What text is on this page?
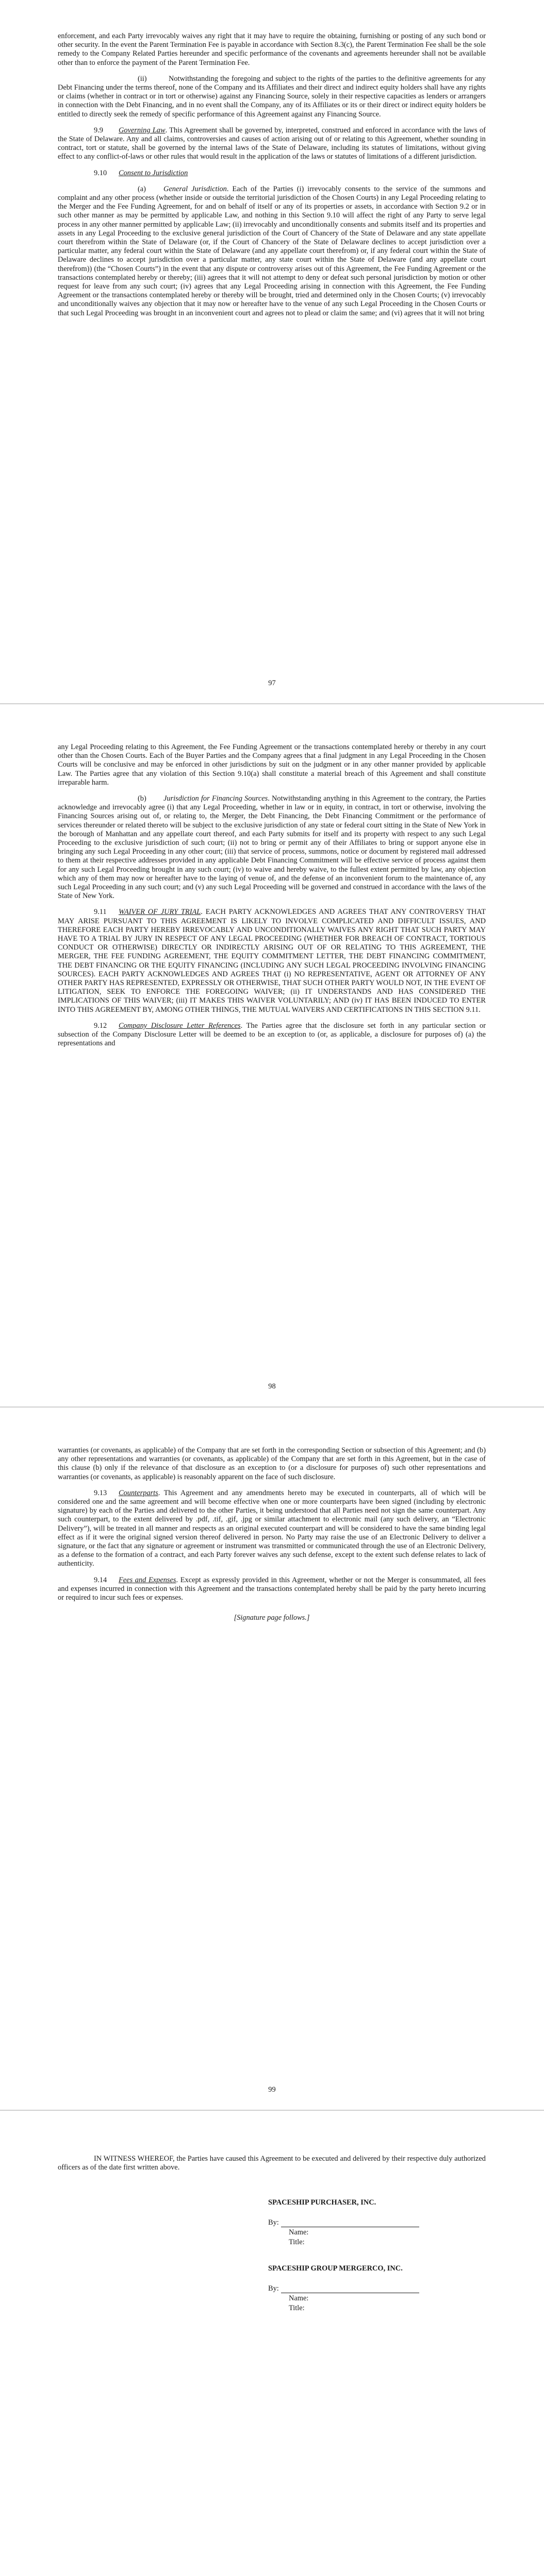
enforcement, and each Party irrevocably waives any right that it may have to require the obtaining, furnishing or posting of any such bond or other security. In the event the Parent Termination Fee is payable in accordance with Section 8.3(c), the Parent Termination Fee shall be the sole remedy to the Company Related Parties hereunder and specific performance of the covenants and agreements hereunder shall not be available other than to enforce the payment of the Parent Termination Fee.

(ii)	Notwithstanding the foregoing and subject to the rights of the parties to the definitive agreements for any Debt Financing under the terms thereof, none of the Company and its Affiliates and their direct and indirect equity holders shall have any rights or claims (whether in contract or in tort or otherwise) against any Financing Source, solely in their respective capacities as lenders or arrangers in connection with the Debt Financing, and in no event shall the Company, any of its Affiliates or its or their direct or indirect equity holders be entitled to directly seek the remedy of specific performance of this Agreement against any Financing Source.

9.9 Governing Law. This Agreement shall be governed by, interpreted, construed and enforced in accordance with the laws of the State of Delaware. Any and all claims, controversies and causes of action arising out of or relating to this Agreement, whether sounding in contract, tort or statute, shall be governed by the internal laws of the State of Delaware, including its statutes of limitations, without giving effect to any conflict-of-laws or other rules that would result in the application of the laws or statutes of limitations of a different jurisdiction.

9.10 Consent to Jurisdiction

(a) General Jurisdiction. Each of the Parties (i) irrevocably consents to the service of the summons and complaint and any other process (whether inside or outside the territorial jurisdiction of the Chosen Courts) in any Legal Proceeding relating to the Merger and the Fee Funding Agreement, for and on behalf of itself or any of its properties or assets, in accordance with Section 9.2 or in such other manner as may be permitted by applicable Law, and nothing in this Section 9.10 will affect the right of any Party to serve legal process in any other manner permitted by applicable Law; (ii) irrevocably and unconditionally consents and submits itself and its properties and assets in any Legal Proceeding to the exclusive general jurisdiction of the Court of Chancery of the State of Delaware and any state appellate court therefrom within the State of Delaware (or, if the Court of Chancery of the State of Delaware declines to accept jurisdiction over a particular matter, any federal court within the State of Delaware (and any appellate court therefrom) or, if any federal court within the State of Delaware declines to accept jurisdiction over a particular matter, any state court within the State of Delaware (and any appellate court therefrom)) (the “Chosen Courts”) in the event that any dispute or controversy arises out of this Agreement, the Fee Funding Agreement or the transactions contemplated hereby or thereby; (iii) agrees that it will not attempt to deny or defeat such personal jurisdiction by motion or other request for leave from any such court; (iv) agrees that any Legal Proceeding arising in connection with this Agreement, the Fee Funding Agreement or the transactions contemplated hereby or thereby will be brought, tried and determined only in the Chosen Courts; (v) irrevocably and unconditionally waives any objection that it may now or hereafter have to the venue of any such Legal Proceeding in the Chosen Courts or that such Legal Proceeding was brought in an inconvenient court and agrees not to plead or claim the same; and (vi) agrees that it will not bring

97

any Legal Proceeding relating to this Agreement, the Fee Funding Agreement or the transactions contemplated hereby or thereby in any court other than the Chosen Courts. Each of the Buyer Parties and the Company agrees that a final judgment in any Legal Proceeding in the Chosen Courts will be conclusive and may be enforced in other jurisdictions by suit on the judgment or in any other manner provided by applicable Law. The Parties agree that any violation of this Section 9.10(a) shall constitute a material breach of this Agreement and shall constitute irreparable harm.

(b) Jurisdiction for Financing Sources. Notwithstanding anything in this Agreement to the contrary, the Parties acknowledge and irrevocably agree (i) that any Legal Proceeding, whether in law or in equity, in contract, in tort or otherwise, involving the Financing Sources arising out of, or relating to, the Merger, the Debt Financing, the Debt Financing Commitment or the performance of services thereunder or related thereto will be subject to the exclusive jurisdiction of any state or federal court sitting in the State of New York in the borough of Manhattan and any appellate court thereof, and each Party submits for itself and its property with respect to any such Legal Proceeding to the exclusive jurisdiction of such court; (ii) not to bring or permit any of their Affiliates to bring or support anyone else in bringing any such Legal Proceeding in any other court; (iii) that service of process, summons, notice or document by registered mail addressed to them at their respective addresses provided in any applicable Debt Financing Commitment will be effective service of process against them for any such Legal Proceeding brought in any such court; (iv) to waive and hereby waive, to the fullest extent permitted by law, any objection which any of them may now or hereafter have to the laying of venue of, and the defense of an inconvenient forum to the maintenance of, any such Legal Proceeding in any such court; and (v) any such Legal Proceeding will be governed and construed in accordance with the laws of the State of New York.

9.11 WAIVER OF JURY TRIAL. EACH PARTY ACKNOWLEDGES AND AGREES THAT ANY CONTROVERSY THAT MAY ARISE PURSUANT TO THIS AGREEMENT IS LIKELY TO INVOLVE COMPLICATED AND DIFFICULT ISSUES, AND THEREFORE EACH PARTY HEREBY IRREVOCABLY AND UNCONDITIONALLY WAIVES ANY RIGHT THAT SUCH PARTY MAY HAVE TO A TRIAL BY JURY IN RESPECT OF ANY LEGAL PROCEEDING (WHETHER FOR BREACH OF CONTRACT, TORTIOUS CONDUCT OR OTHERWISE) DIRECTLY OR INDIRECTLY ARISING OUT OF OR RELATING TO THIS AGREEMENT, THE MERGER, THE FEE FUNDING AGREEMENT, THE EQUITY COMMITMENT LETTER, THE DEBT FINANCING COMMITMENT, THE DEBT FINANCING OR THE EQUITY FINANCING (INCLUDING ANY SUCH LEGAL PROCEEDING INVOLVING FINANCING SOURCES). EACH PARTY ACKNOWLEDGES AND AGREES THAT (i) NO REPRESENTATIVE, AGENT OR ATTORNEY OF ANY OTHER PARTY HAS REPRESENTED, EXPRESSLY OR OTHERWISE, THAT SUCH OTHER PARTY WOULD NOT, IN THE EVENT OF LITIGATION, SEEK TO ENFORCE THE FOREGOING WAIVER; (ii) IT UNDERSTANDS AND HAS CONSIDERED THE IMPLICATIONS OF THIS WAIVER; (iii) IT MAKES THIS WAIVER VOLUNTARILY; AND (iv) IT HAS BEEN INDUCED TO ENTER INTO THIS AGREEMENT BY, AMONG OTHER THINGS, THE MUTUAL WAIVERS AND CERTIFICATIONS IN THIS SECTION 9.11.

9.12 Company Disclosure Letter References. The Parties agree that the disclosure set forth in any particular section or subsection of the Company Disclosure Letter will be deemed to be an exception to (or, as applicable, a disclosure for purposes of) (a) the representations and

98

warranties (or covenants, as applicable) of the Company that are set forth in the corresponding Section or subsection of this Agreement; and (b) any other representations and warranties (or covenants, as applicable) of the Company that are set forth in this Agreement, but in the case of this clause (b) only if the relevance of that disclosure as an exception to (or a disclosure for purposes of) such other representations and warranties (or covenants, as applicable) is reasonably apparent on the face of such disclosure.

9.13 Counterparts. This Agreement and any amendments hereto may be executed in counterparts, all of which will be considered one and the same agreement and will become effective when one or more counterparts have been signed (including by electronic signature) by each of the Parties and delivered to the other Parties, it being understood that all Parties need not sign the same counterpart. Any such counterpart, to the extent delivered by .pdf, .tif, .gif, .jpg or similar attachment to electronic mail (any such delivery, an “Electronic Delivery”), will be treated in all manner and respects as an original executed counterpart and will be considered to have the same binding legal effect as if it were the original signed version thereof delivered in person. No Party may raise the use of an Electronic Delivery to deliver a signature, or the fact that any signature or agreement or instrument was transmitted or communicated through the use of an Electronic Delivery, as a defense to the formation of a contract, and each Party forever waives any such defense, except to the extent such defense relates to lack of authenticity.

9.14 Fees and Expenses. Except as expressly provided in this Agreement, whether or not the Merger is consummated, all fees and expenses incurred in connection with this Agreement and the transactions contemplated hereby shall be paid by the party hereto incurring or required to incur such fees or expenses.

[Signature page follows.]

99

IN WITNESS WHEREOF, the Parties have caused this Agreement to be executed and delivered by their respective duly authorized officers as of the date first written above.

SPACESHIP PURCHASER, INC.

By:

Name:

Title:

SPACESHIP GROUP MERGERCO, INC.

By:

Name:

Title:
